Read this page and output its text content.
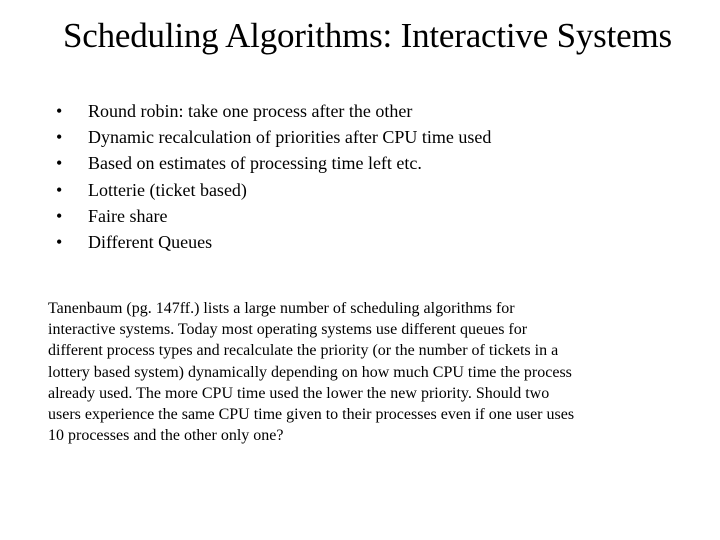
Scheduling Algorithms: Interactive Systems
•	Round robin: take one process after the other
•	Dynamic recalculation of priorities after CPU time used
•	Based on estimates of processing time left etc.
•	Lotterie (ticket based)
•	Faire share
•	Different Queues

Tanenbaum (pg. 147ff.) lists a large number of scheduling algorithms for
interactive systems. Today most operating systems use different queues for
different process types and recalculate the priority (or the number of tickets in a
lottery based system) dynamically depending on how much CPU time the process
already used. The more CPU time used the lower the new priority. Should two
users experience the same CPU time given to their processes even if one user uses
10 processes and the other only one?
